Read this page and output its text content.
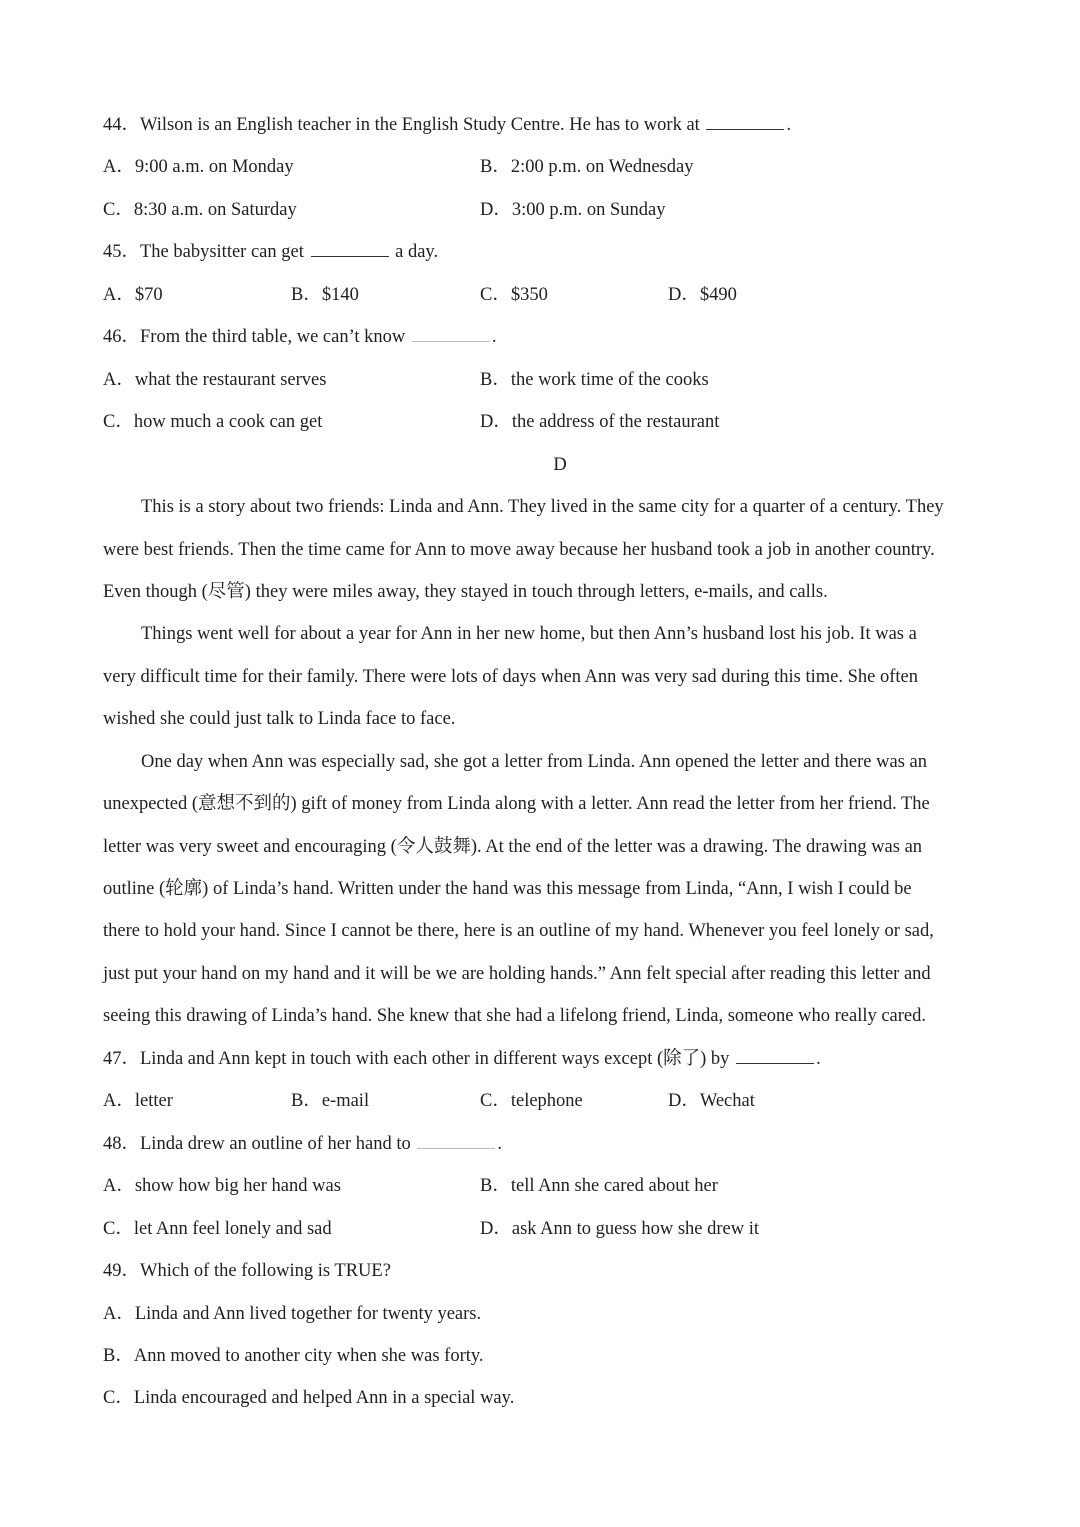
44．Wilson is an English teacher in the English Study Centre. He has to work at	.
A．9:00 a.m. on Monday	B．2:00 p.m. on Wednesday
C．8:30 a.m. on Saturday	D．3:00 p.m. on Sunday
45．The babysitter can get	a day.
A．$70	B．$140	C．$350	D．$490
46．From the third table, we can’t know	.
A．what the restaurant serves	B．the work time of the cooks
C．how much a cook can get	D．the address of the restaurant
D
This is a story about two friends: Linda and Ann. They lived in the same city for a quarter of a century. They
were best friends. Then the time came for Ann to move away because her husband took a job in another country.
Even though (尽管) they were miles away, they stayed in touch through letters, e-mails, and calls.
Things went well for about a year for Ann in her new home, but then Ann’s husband lost his job. It was a
very difficult time for their family. There were lots of days when Ann was very sad during this time. She often
wished she could just talk to Linda face to face.
One day when Ann was especially sad, she got a letter from Linda. Ann opened the letter and there was an
unexpected (意想不到的) gift of money from Linda along with a letter. Ann read the letter from her friend. The
letter was very sweet and encouraging (令人鼓舞). At the end of the letter was a drawing. The drawing was an
outline (轮廓) of Linda’s hand. Written under the hand was this message from Linda, “Ann, I wish I could be
there to hold your hand. Since I cannot be there, here is an outline of my hand. Whenever you feel lonely or sad,
just put your hand on my hand and it will be we are holding hands.” Ann felt special after reading this letter and
seeing this drawing of Linda’s hand. She knew that she had a lifelong friend, Linda, someone who really cared.
47．Linda and Ann kept in touch with each other in different ways except (除了) by	.
A．letter	B．e-mail	C．telephone	D．Wechat
48．Linda drew an outline of her hand to	.
A．show how big her hand was	B．tell Ann she cared about her
C．let Ann feel lonely and sad	D．ask Ann to guess how she drew it
49．Which of the following is TRUE?
A．Linda and Ann lived together for twenty years.
B．Ann moved to another city when she was forty.
C．Linda encouraged and helped Ann in a special way.
